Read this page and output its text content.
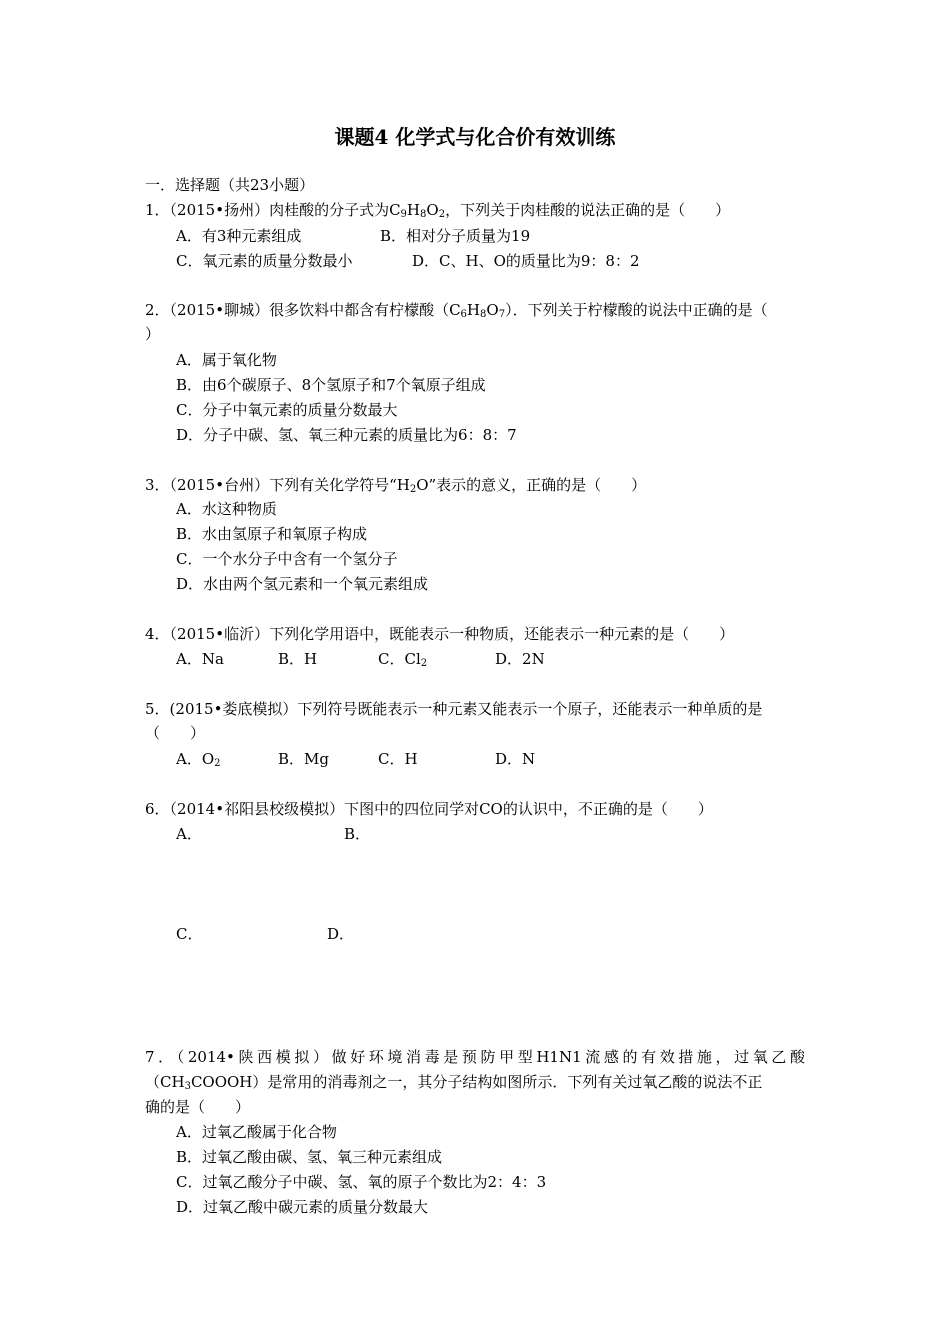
课题4 化学式与化合价有效训练
一．选择题（共23小题）
1．（2015•扬州）肉桂酸的分子式为$C_9H_8O_2$，下列关于肉桂酸的说法正确的是（　　）
A．有3种元素组成	B．相对分子质量为19
C．氧元素的质量分数最小	D．C、H、O的质量比为9：8：2
2．（2015•聊城）很多饮料中都含有柠檬酸$(C_6H_8O_7)$．下列关于柠檬酸的说法中正确的是（
）
A．属于氧化物
B．由6个碳原子、8个氢原子和7个氧原子组成
C．分子中氧元素的质量分数最大
D．分子中碳、氢、氧三种元素的质量比为6：8：7
3．（2015•台州）下列有关化学符号“$H_2O$”表示的意义，正确的是（　　）
A．水这种物质
B．水由氢原子和氧原子构成
C．一个水分子中含有一个氢分子
D．水由两个氢元素和一个氧元素组成
4．（2015•临沂）下列化学用语中，既能表示一种物质，还能表示一种元素的是（　　）
A．Na	B．H	C．$Cl_2$	D．2N
5．(2015•娄底模拟）下列符号既能表示一种元素又能表示一个原子，还能表示一种单质的是
（　　）
A．$O_2$	B．Mg	C．H	D．N
6．（2014•祁阳县校级模拟）下图中的四位同学对CO的认识中，不正确的是（　　）
A．	B．
C．	D．
7．（2014•陕西模拟）做好环境消毒是预防甲型H1N1流感的有效措施，过氧乙酸
$(CH_3COOOH)$是常用的消毒剂之一，其分子结构如图所示．下列有关过氧乙酸的说法不正
确的是（　　）
A．过氧乙酸属于化合物
B．过氧乙酸由碳、氢、氧三种元素组成
C．过氧乙酸分子中碳、氢、氧的原子个数比为2：4：3
D．过氧乙酸中碳元素的质量分数最大
